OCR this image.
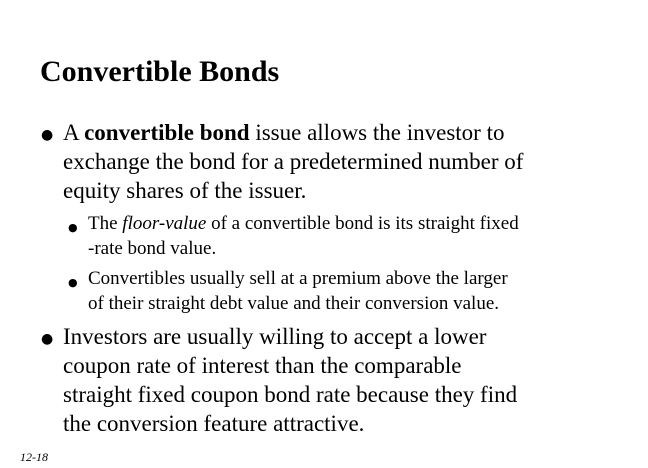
Convertible Bonds
● A convertible bond issue allows the investor to
exchange the bond for a predetermined number of
equity shares of the issuer.
● The floor-value of a convertible bond is its straight fixed
-rate bond value.
● Convertibles usually sell at a premium above the larger
of their straight debt value and their conversion value.
● Investors are usually willing to accept a lower
coupon rate of interest than the comparable
straight fixed coupon bond rate because they find
the conversion feature attractive.
12-18
